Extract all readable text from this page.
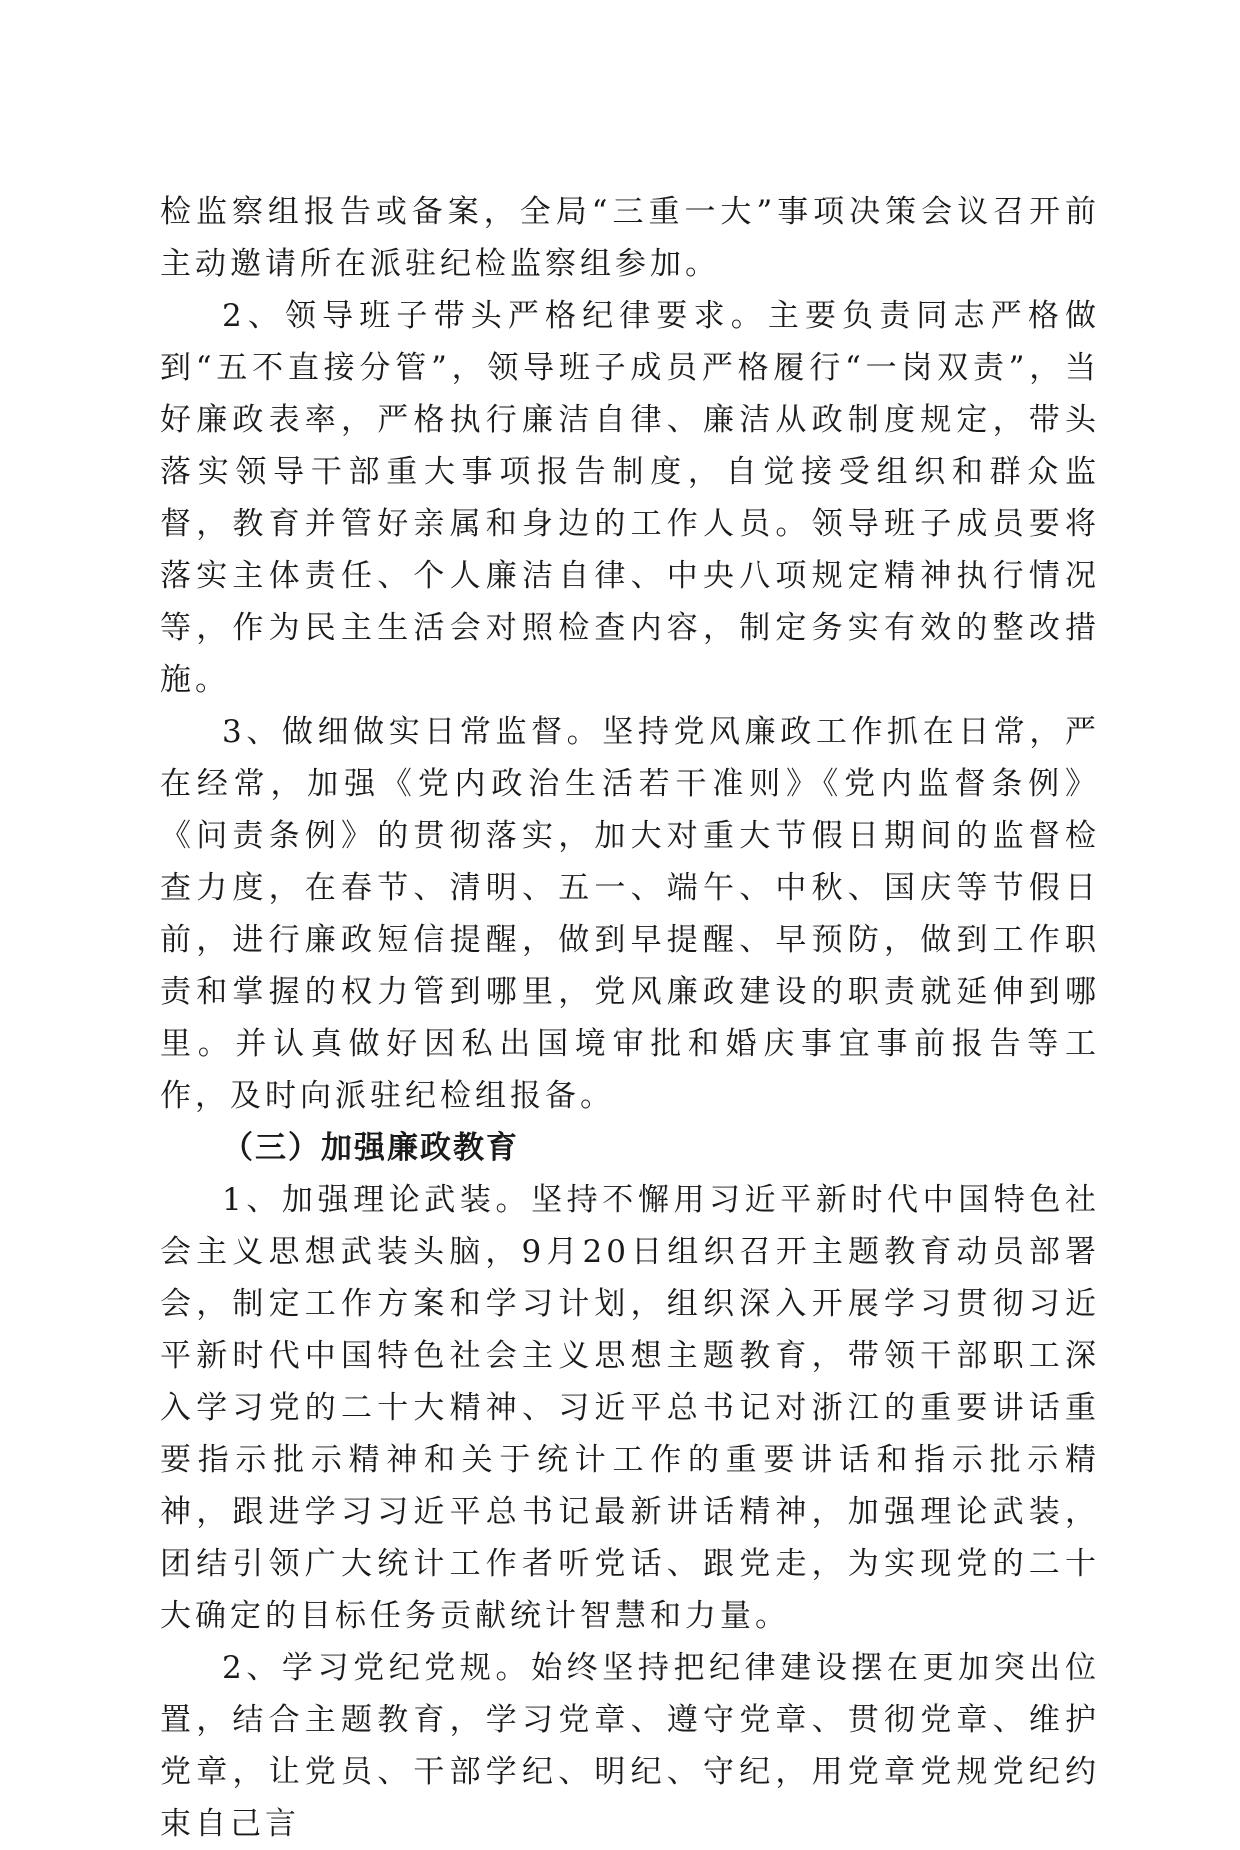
检监察组报告或备案，全局“三重一大”事项决策会议召开前主动邀请所在派驻纪检监察组参加。

2、领导班子带头严格纪律要求。主要负责同志严格做到“五不直接分管”，领导班子成员严格履行“一岗双责”，当好廉政表率，严格执行廉洁自律、廉洁从政制度规定，带头落实领导干部重大事项报告制度，自觉接受组织和群众监督，教育并管好亲属和身边的工作人员。领导班子成员要将落实主体责任、个人廉洁自律、中央八项规定精神执行情况等，作为民主生活会对照检查内容，制定务实有效的整改措施。

3、做细做实日常监督。坚持党风廉政工作抓在日常，严在经常，加强《党内政治生活若干准则》《党内监督条例》《问责条例》的贯彻落实，加大对重大节假日期间的监督检查力度，在春节、清明、五一、端午、中秋、国庆等节假日前，进行廉政短信提醒，做到早提醒、早预防，做到工作职责和掌握的权力管到哪里，党风廉政建设的职责就延伸到哪里。并认真做好因私出国境审批和婚庆事宜事前报告等工作，及时向派驻纪检组报备。

（三）加强廉政教育

1、加强理论武装。坚持不懈用习近平新时代中国特色社会主义思想武装头脑，9月20日组织召开主题教育动员部署会，制定工作方案和学习计划，组织深入开展学习贯彻习近平新时代中国特色社会主义思想主题教育，带领干部职工深入学习党的二十大精神、习近平总书记对浙江的重要讲话重要指示批示精神和关于统计工作的重要讲话和指示批示精神，跟进学习习近平总书记最新讲话精神，加强理论武装，团结引领广大统计工作者听党话、跟党走，为实现党的二十大确定的目标任务贡献统计智慧和力量。

2、学习党纪党规。始终坚持把纪律建设摆在更加突出位置，结合主题教育，学习党章、遵守党章、贯彻党章、维护党章，让党员、干部学纪、明纪、守纪，用党章党规党纪约束自己言
